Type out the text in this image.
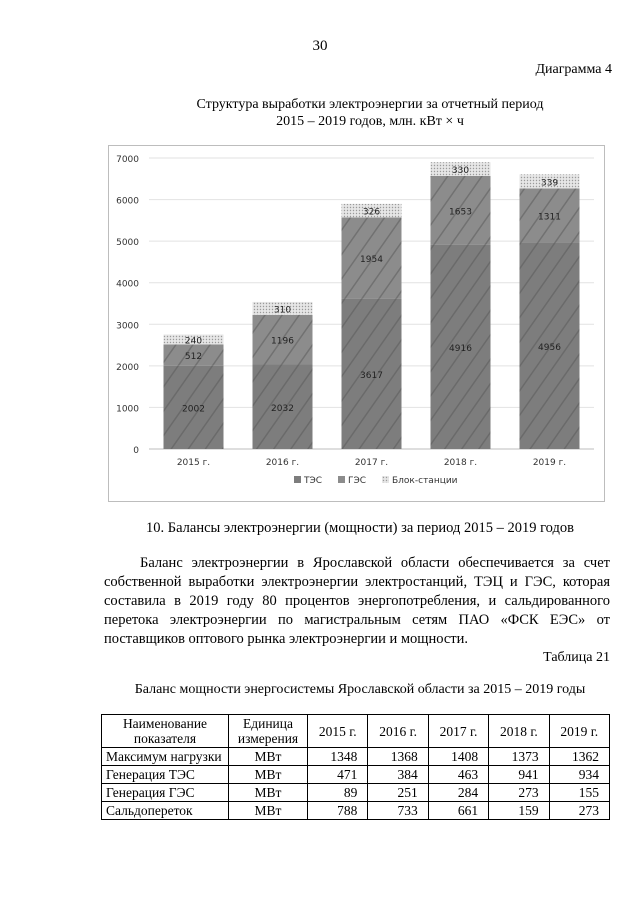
30
Диаграмма 4
Структура выработки электроэнергии за отчетный период
2015 – 2019 годов, млн. кВт × ч
2002
512
240
2032
1196
310
3617
1954
326
4916
1653
330
4956
1311
339
0
1000
2000
3000
4000
5000
6000
7000
2015 г.	2016 г.	2017 г.	2018 г.	2019 г.
ТЭС	ГЭС	Блок-станции
10. Балансы электроэнергии (мощности) за период 2015 – 2019 годов
Баланс электроэнергии в Ярославской области обеспечивается за счет собственной выработки электроэнергии электростанций, ТЭЦ и ГЭС, которая составила в 2019 году 80 процентов энергопотребления, и сальдированного перетока электроэнергии по магистральным сетям ПАО «ФСК ЕЭС» от поставщиков оптового рынка электроэнергии и мощности.
Таблица 21
Баланс мощности энергосистемы Ярославской области за 2015 – 2019 годы
Наименование показателя	Единица измерения	2015 г.	2016 г.	2017 г.	2018 г.	2019 г.
Максимум нагрузки	МВт	1348	1368	1408	1373	1362
Генерация ТЭС	МВт	471	384	463	941	934
Генерация ГЭС	МВт	89	251	284	273	155
Сальдопереток	МВт	788	733	661	159	273
